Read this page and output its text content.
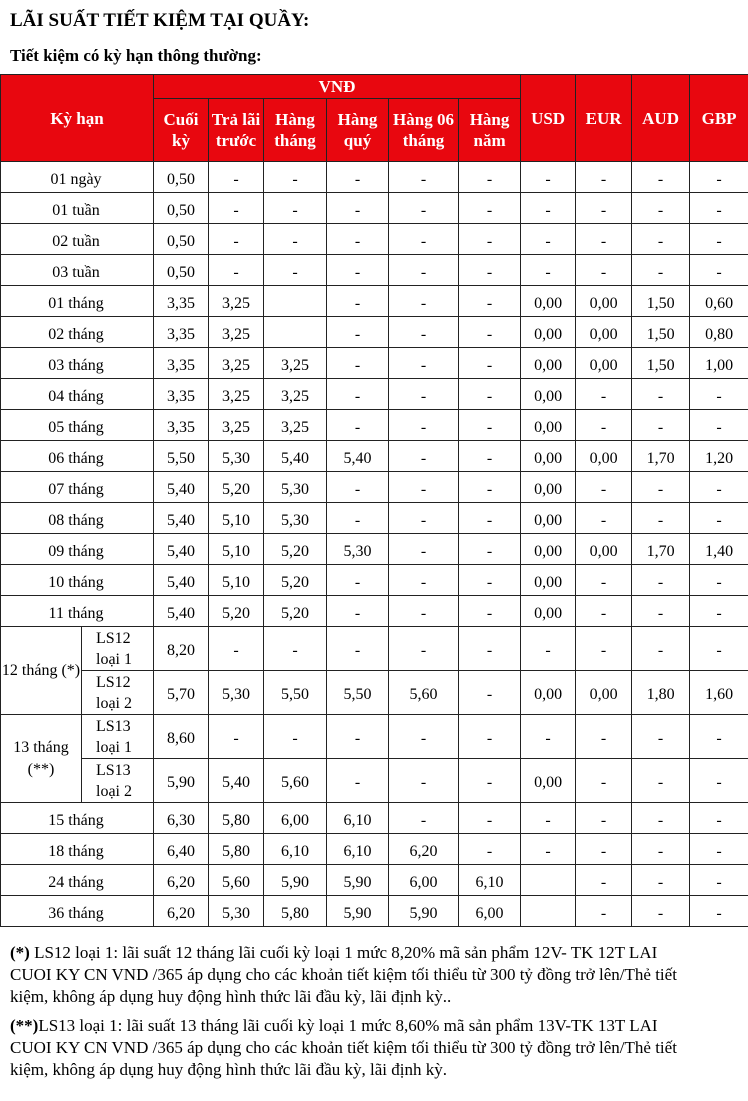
LÃI SUẤT TIẾT KIỆM TẠI QUẦY:
Tiết kiệm có kỳ hạn thông thường:
Kỳ hạn		VNĐ						USD	EUR	AUD	GBP
		Cuối kỳ	Trả lãi trước	Hàng tháng	Hàng quý	Hàng 06 tháng	Hàng năm				
01 ngày		0,50	-	-	-	-	-	-	-	-	-
01 tuần		0,50	-	-	-	-	-	-	-	-	-
02 tuần		0,50	-	-	-	-	-	-	-	-	-
03 tuần		0,50	-	-	-	-	-	-	-	-	-
01 tháng		3,35	3,25		-	-	-	0,00	0,00	1,50	0,60
02 tháng		3,35	3,25		-	-	-	0,00	0,00	1,50	0,80
03 tháng		3,35	3,25	3,25	-	-	-	0,00	0,00	1,50	1,00
04 tháng		3,35	3,25	3,25	-	-	-	0,00	-	-	-
05 tháng		3,35	3,25	3,25	-	-	-	0,00	-	-	-
06 tháng		5,50	5,30	5,40	5,40	-	-	0,00	0,00	1,70	1,20
07 tháng		5,40	5,20	5,30	-	-	-	0,00	-	-	-
08 tháng		5,40	5,10	5,30	-	-	-	0,00	-	-	-
09 tháng		5,40	5,10	5,20	5,30	-	-	0,00	0,00	1,70	1,40
10 tháng		5,40	5,10	5,20	-	-	-	0,00	-	-	-
11 tháng		5,40	5,20	5,20	-	-	-	0,00	-	-	-
12 tháng (*)	LS12 loại 1	8,20	-	-	-	-	-	-	-	-	-
	LS12 loại 2	5,70	5,30	5,50	5,50	5,60	-	0,00	0,00	1,80	1,60
13 tháng (**)	LS13 loại 1	8,60	-	-	-	-	-	-	-	-	-
	LS13 loại 2	5,90	5,40	5,60	-	-	-	0,00	-	-	-
15 tháng		6,30	5,80	6,00	6,10	-	-	-	-	-	-
18 tháng		6,40	5,80	6,10	6,10	6,20	-	-	-	-	-
24 tháng		6,20	5,60	5,90	5,90	6,00	6,10		-	-	-
36 tháng		6,20	5,30	5,80	5,90	5,90	6,00		-	-	-

(*) LS12 loại 1: lãi suất 12 tháng lãi cuối kỳ loại 1 mức 8,20% mã sản phẩm 12V- TK 12T LAI
CUOI KY CN VND /365 áp dụng cho các khoản tiết kiệm tối thiểu từ 300 tỷ đồng trở lên/Thẻ tiết
kiệm, không áp dụng huy động hình thức lãi đầu kỳ, lãi định kỳ..

(**)LS13 loại 1: lãi suất 13 tháng lãi cuối kỳ loại 1 mức 8,60% mã sản phẩm 13V-TK 13T LAI
CUOI KY CN VND /365 áp dụng cho các khoản tiết kiệm tối thiểu từ 300 tỷ đồng trở lên/Thẻ tiết
kiệm, không áp dụng huy động hình thức lãi đầu kỳ, lãi định kỳ.
